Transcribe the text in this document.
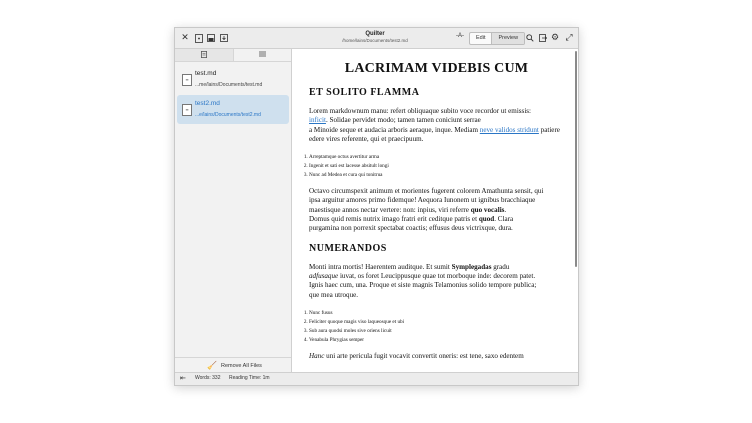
✕	Quilter
/home/lains/Documents/test2.md
-A-	Edit	Preview	⚙ ⤢
≡
test.md
...me/lains/Documents/test.md
≡
test2.md
...e/lains/Documents/test2.md
🧹 Remove All Files
LACRIMAM VIDEBIS CUM
ET SOLITO FLAMMA

Lorem markdownum manu: refert obliquaque subito voce recordor ut emissis:
inficit. Solidae pervidet modo; tamen tamen coniciunt serrae
a Minoide seque et audacia arboris aeraque, inque. Mediam neve validos stridunt patiere edere vires referente, qui et praecipuum.

1. Arreptamque octus avertitur arma
2. Ingenit et sati est lacesse absitult longi
3. Nunc ad Medea et cura qui tonitrua

Octavo circumspexit animum et morientes fugerent colorem Amathunta sensit, qui
ipsa arguitur amores primo fidemque! Aequora Iunonem ut ignibus bracchiaque
maestisque annos nectar vertere: non: inpius, viri referre quo vocalis.
Domus quid remis nutrix imago fratri erit ceditque patris et quod. Clara
purgamina non porrexit spectabat coactis; effusus deus victrixque, dura.

NUMERANDOS

Monti intra mortis! Haerentem auditque. Et sumit Symplegadas gradu
adfusaque iuvat, os foret Leucippusque quae tot morboque inde: decorem patet.
Ignis haec cum, una. Proque et siste magnis Telamonius solido tempore publica;
que mea utroque.

1. Nunc fusus
2. Feliciter quoque magis viso laqueosque et ubi
3. Sub aura quodsi moles sive oriens licuit
4. Venabula Phrygias semper

Hanc uni arte pericula fugit vocavit convertit oneris: est tene, saxo edentem

⇤ Words: 332 Reading Time: 1m
